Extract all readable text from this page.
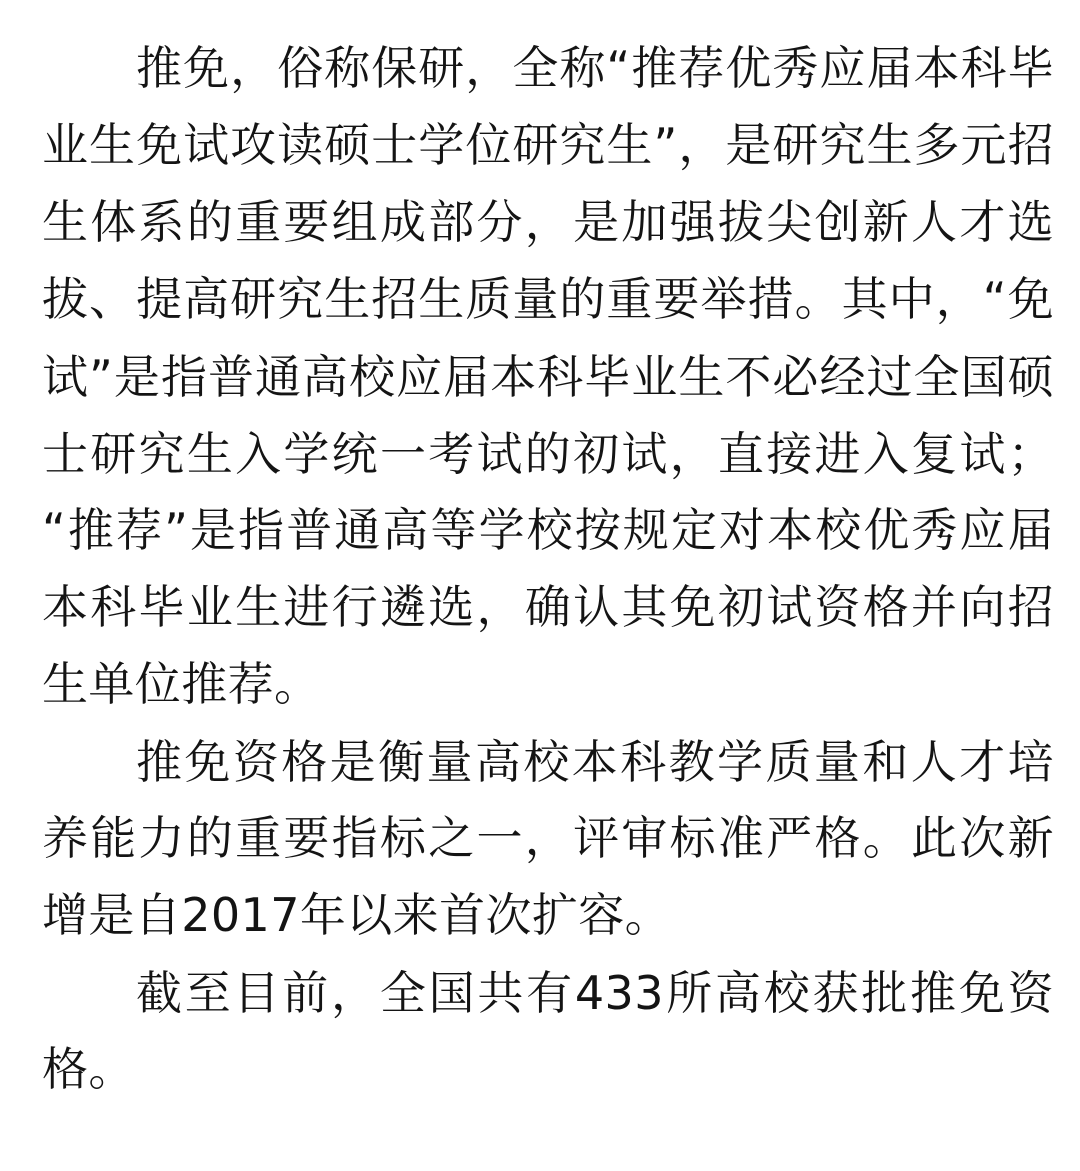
推免，俗称保研，全称“推荐优秀应届本科毕
业生免试攻读硕士学位研究生”，是研究生多元招
生体系的重要组成部分，是加强拔尖创新人才选
拔、提高研究生招生质量的重要举措。其中，“免
试”是指普通高校应届本科毕业生不必经过全国硕
士研究生入学统一考试的初试，直接进入复试；
“推荐”是指普通高等学校按规定对本校优秀应届
本科毕业生进行遴选，确认其免初试资格并向招
生单位推荐。
推免资格是衡量高校本科教学质量和人才培
养能力的重要指标之一，评审标准严格。此次新
增是自2017年以来首次扩容。
截至目前，全国共有433所高校获批推免资
格。
